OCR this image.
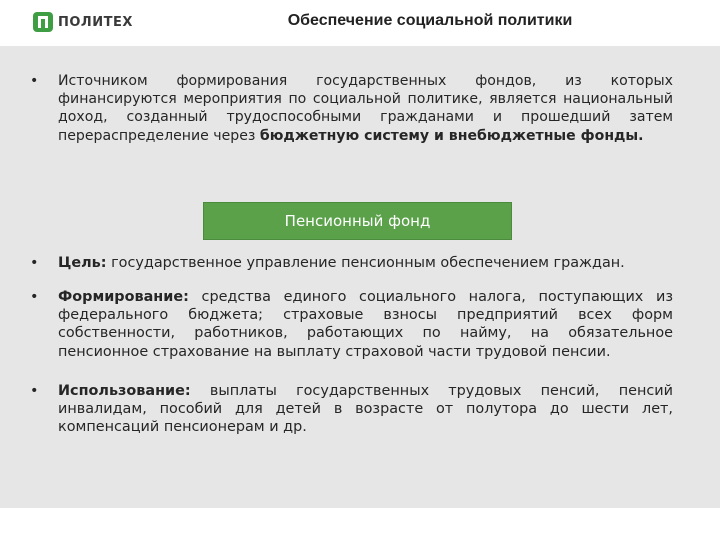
ПОЛИТЕХ	Обеспечение социальной политики
•	Источником формирования государственных фондов, из которых финансируются мероприятия по социальной политике, является национальный доход, созданный трудоспособными гражданами и прошедший затем перераспределение через бюджетную систему и внебюджетные фонды.
Пенсионный фонд
•	Цель: государственное управление пенсионным обеспечением граждан.
•	Формирование: средства единого социального налога, поступающих из федерального бюджета; страховые взносы предприятий всех форм собственности, работников, работающих по найму, на обязательное пенсионное страхование на выплату страховой части трудовой пенсии.
•	Использование: выплаты государственных трудовых пенсий, пенсий инвалидам, пособий для детей в возрасте от полутора до шести лет, компенсаций пенсионерам и др.
